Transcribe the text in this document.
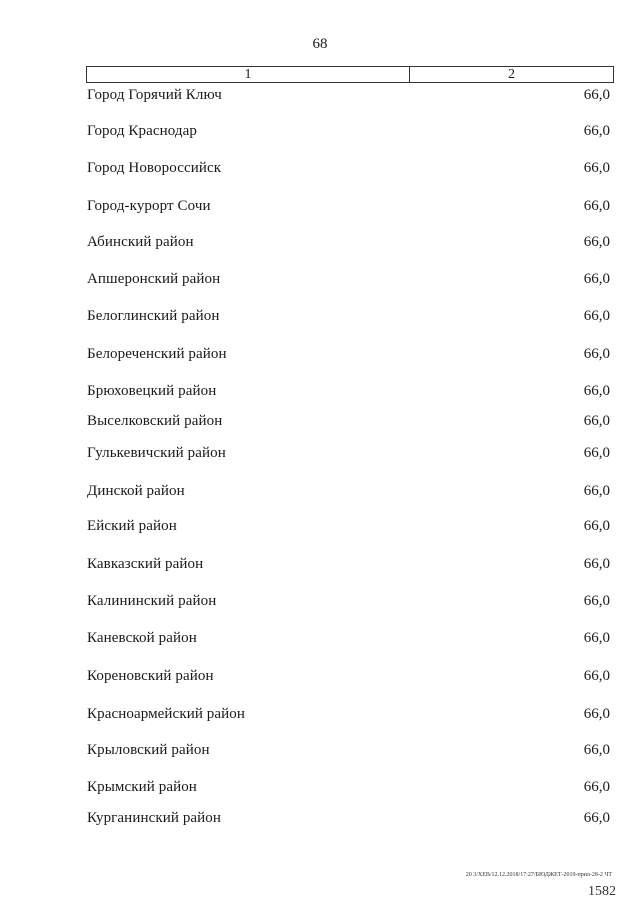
68
1	2
Город Горячий Ключ	66,0
Город Краснодар	66,0
Город Новороссийск	66,0
Город-курорт Сочи	66,0
Абинский район	66,0
Апшеронский район	66,0
Белоглинский район	66,0
Белореченский район	66,0
Брюховецкий район	66,0
Выселковский район	66,0
Гулькевичский район	66,0
Динской район	66,0
Ейский район	66,0
Кавказский район	66,0
Калининский район	66,0
Каневской район	66,0
Кореновский район	66,0
Красноармейский район	66,0
Крыловский район	66,0
Крымский район	66,0
Курганинский район	66,0
20 3/ХЕВ/12.12.2018/17:27/БЮДЖЕТ-2019-прил-28-2 ЧТ
1582
